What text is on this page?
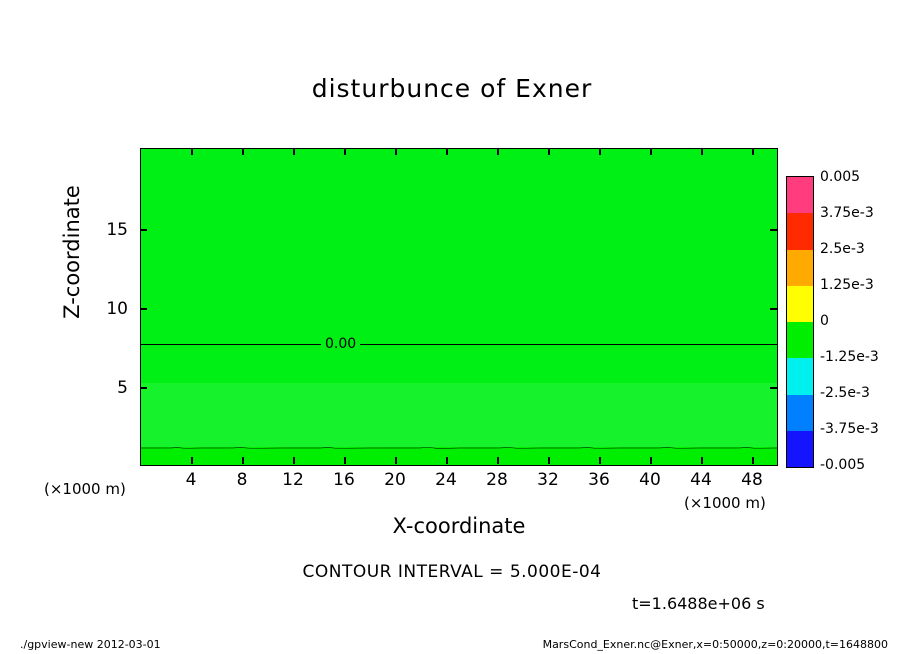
disturbunce of Exner
0.00
4 8 12 16 20 24 28 32 36 40 44 48
5
10
15
X-coordinate
Z-coordinate
(×1000 m)
(×1000 m)
0.005
3.75e-3
2.5e-3
1.25e-3
0
-1.25e-3
-2.5e-3
-3.75e-3
-0.005
CONTOUR INTERVAL = 5.000E-04
t=1.6488e+06 s
./gpview-new 2012-03-01	MarsCond_Exner.nc@Exner,x=0:50000,z=0:20000,t=1648800
